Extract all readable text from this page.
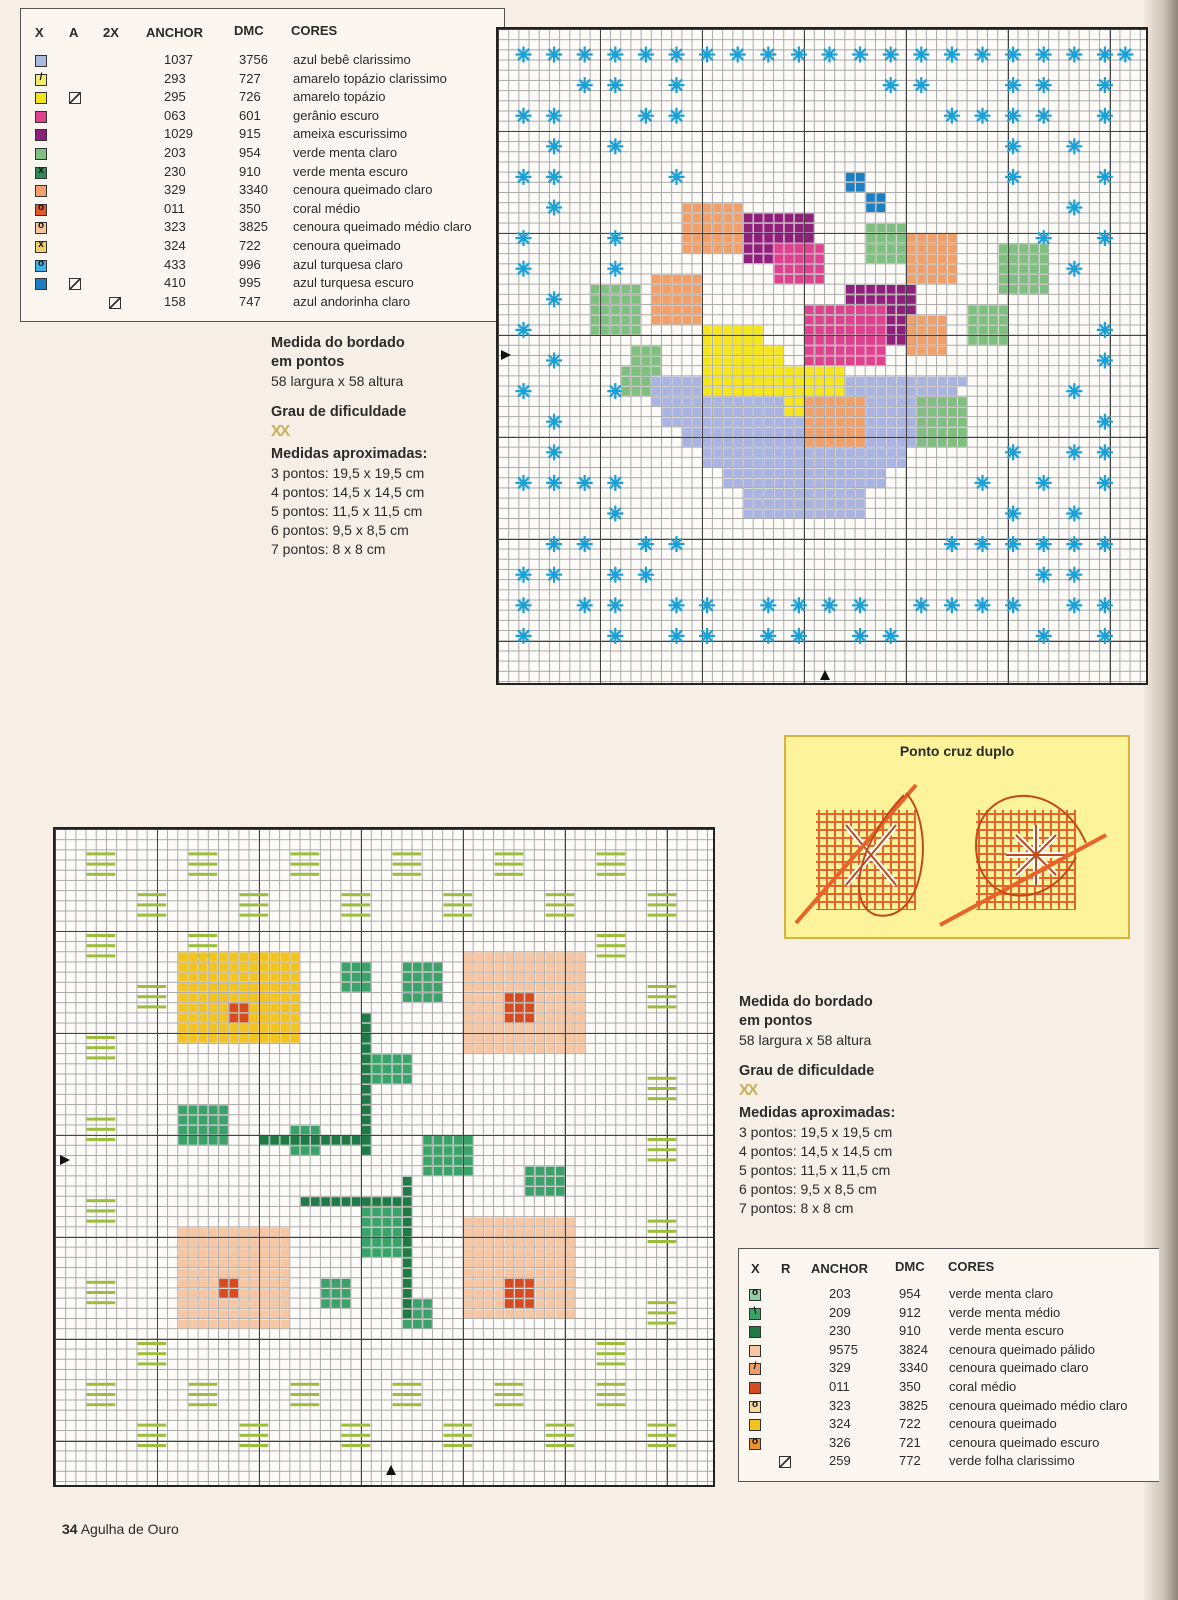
X A 2X ANCHOR DMC CORES
1037	3756 azul bebê clarissimo
/
293	727 amarelo topázio clarissimo
295	726 amarelo topázio
063	601 gerânio escuro
1029	915 ameixa escurissimo
203	954 verde menta claro
x
230	910 verde menta escuro
329	3340 cenoura queimado claro
o
011	350 coral médio
o
323	3825 cenoura queimado médio claro
x
324	722 cenoura queimado
o
433	996 azul turquesa claro
410	995 azul turquesa escuro
158	747 azul andorinha claro
Medida do bordado
em pontos
58 largura x 58 altura
Grau de dificuldade
XX
Medidas aproximadas:
3 pontos: 19,5 x 19,5 cm
4 pontos: 14,5 x 14,5 cm
5 pontos: 11,5 x 11,5 cm
6 pontos: 9,5 x 8,5 cm
7 pontos: 8 x 8 cm
Ponto cruz duplo
Medida do bordado
em pontos
58 largura x 58 altura
Grau de dificuldade
XX
Medidas aproximadas:
3 pontos: 19,5 x 19,5 cm
4 pontos: 14,5 x 14,5 cm
5 pontos: 11,5 x 11,5 cm
6 pontos: 9,5 x 8,5 cm
7 pontos: 8 x 8 cm
X R ANCHOR DMC CORES
o
203	954 verde menta claro
\
209	912 verde menta médio
230	910 verde menta escuro
9575	3824 cenoura queimado pálido
/
329	3340 cenoura queimado claro
011	350 coral médio
o
323	3825 cenoura queimado médio claro
324	722 cenoura queimado
o
326	721 cenoura queimado escuro
259	772 verde folha clarissimo
34 Agulha de Ouro
